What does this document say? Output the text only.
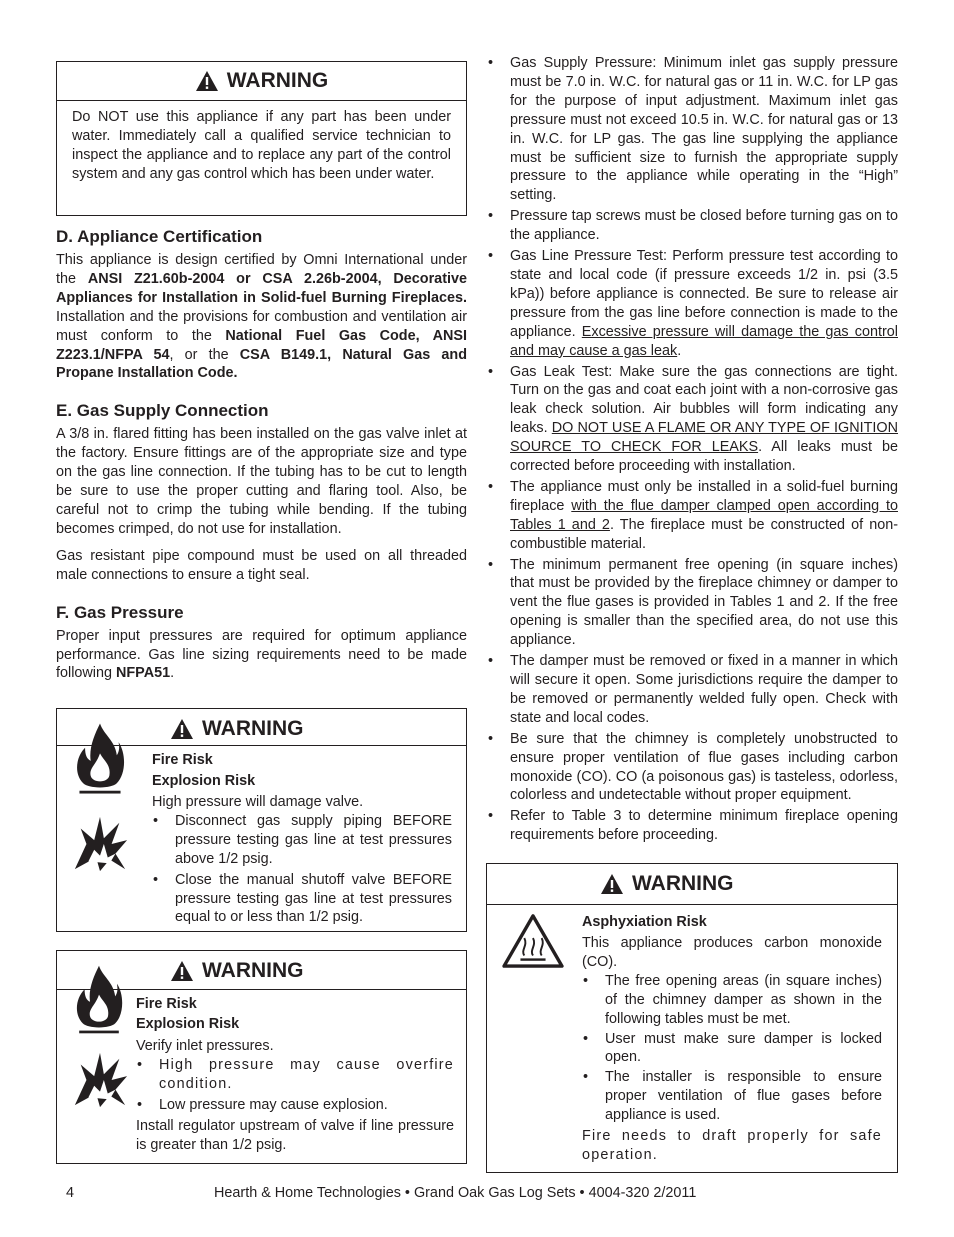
WARNING

Do NOT use this appliance if any part has been under water. Immediately call a qualified service technician to inspect the appliance and to replace any part of the control system and any gas control which has been under water.

D. Appliance Certification

This appliance is design certified by Omni International under the ANSI Z21.60b-2004 or CSA 2.26b-2004, Decorative Appliances for Installation in Solid-fuel Burning Fireplaces. Installation and the provisions for combustion and ventilation air must conform to the National Fuel Gas Code, ANSI Z223.1/NFPA 54, or the CSA B149.1, Natural Gas and Propane Installation Code.

E. Gas Supply Connection

A 3/8 in. flared fitting has been installed on the gas valve inlet at the factory. Ensure fittings are of the appropriate size and type on the gas line connection. If the tubing has to be cut to length be sure to use the proper cutting and flaring tool. Also, be careful not to crimp the tubing while bending. If the tubing becomes crimped, do not use for installation.

Gas resistant pipe compound must be used on all threaded male connections to ensure a tight seal.

F. Gas Pressure

Proper input pressures are required for optimum appliance performance. Gas line sizing requirements need to be made following NFPA51.

WARNING

Fire Risk

Explosion Risk

High pressure will damage valve.

• Disconnect gas supply piping BEFORE pressure testing gas line at test pressures above 1/2 psig.
• Close the manual shutoff valve BEFORE pressure testing gas line at test pressures equal to or less than 1/2 psig.
WARNING

Fire Risk

Explosion Risk

Verify inlet pressures.

• High pressure may cause overfire condition.
• Low pressure may cause explosion.

Install regulator upstream of valve if line pressure is greater than 1/2 psig.

• Gas Supply Pressure: Minimum inlet gas supply pressure must be 7.0 in. W.C. for natural gas or 11 in. W.C. for LP gas for the purpose of input adjustment. Maximum inlet gas pressure must not exceed 10.5 in. W.C. for natural gas or 13 in. W.C. for LP gas. The gas line supplying the appliance must be sufficient size to furnish the appropriate supply pressure to the appliance while operating in the “High” setting.
• Pressure tap screws must be closed before turning gas on to the appliance.
• Gas Line Pressure Test: Perform pressure test according to state and local code (if pressure exceeds 1/2 in. psi (3.5 kPa)) before appliance is connected. Be sure to release air pressure from the gas line before connection is made to the appliance. Excessive pressure will damage the gas control and may cause a gas leak.
• Gas Leak Test: Make sure the gas connections are tight. Turn on the gas and coat each joint with a non-corrosive gas leak check solution. Air bubbles will form indicating any leaks. DO NOT USE A FLAME OR ANY TYPE OF IGNITION SOURCE TO CHECK FOR LEAKS. All leaks must be corrected before proceeding with installation.
• The appliance must only be installed in a solid-fuel burning fireplace with the flue damper clamped open according to Tables 1 and 2. The fireplace must be constructed of non-combustible material.
• The minimum permanent free opening (in square inches) that must be provided by the fireplace chimney or damper to vent the flue gases is provided in Tables 1 and 2. If the free opening is smaller than the specified area, do not use this appliance.
• The damper must be removed or fixed in a manner in which will secure it open. Some jurisdictions require the damper to be removed or permanently welded fully open. Check with state and local codes.
• Be sure that the chimney is completely unobstructed to ensure proper ventilation of flue gases including carbon monoxide (CO). CO (a poisonous gas) is tasteless, odorless, colorless and undetectable without proper equipment.
• Refer to Table 3 to determine minimum fireplace opening requirements before proceeding.
WARNING

Asphyxiation Risk

This appliance produces carbon monoxide (CO).

• The free opening areas (in square inches) of the chimney damper as shown in the following tables must be met.
• User must make sure damper is locked open.
• The installer is responsible to ensure proper ventilation of flue gases before appliance is used.

Fire needs to draft properly for safe operation.

4	Hearth & Home Technologies • Grand Oak Gas Log Sets • 4004-320 2/2011
